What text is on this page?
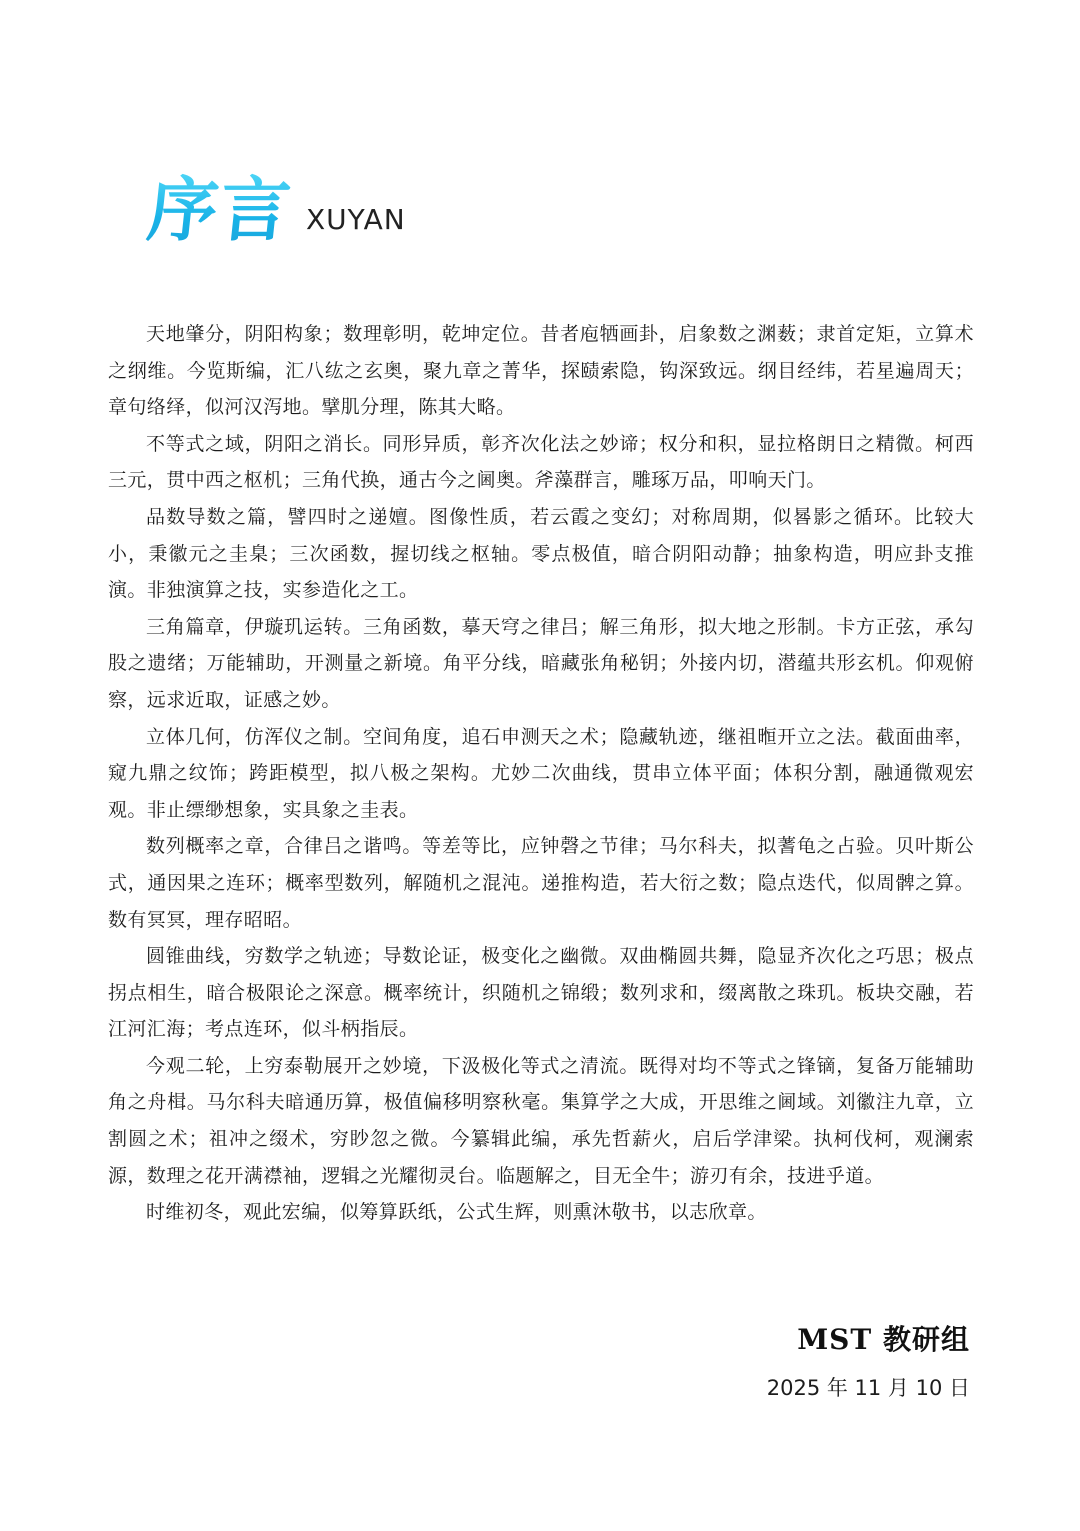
序言 XUYAN

天地肇分，阴阳构象；数理彰明，乾坤定位。昔者庖牺画卦，启象数之渊薮；隶首定矩，立算术之纲维。今览斯编，汇八纮之玄奥，聚九章之菁华，探赜索隐，钩深致远。纲目经纬，若星遍周天；章句络绎，似河汉泻地。擘肌分理，陈其大略。

不等式之域，阴阳之消长。同形异质，彰齐次化法之妙谛；权分和积，显拉格朗日之精微。柯西三元，贯中西之枢机；三角代换，通古今之阃奥。斧藻群言，雕琢万品，叩响天门。

品数导数之篇，譬四时之递嬗。图像性质，若云霞之变幻；对称周期，似晷影之循环。比较大小，秉徽元之圭臬；三次函数，握切线之枢轴。零点极值，暗合阴阳动静；抽象构造，明应卦支推演。非独演算之技，实参造化之工。

三角篇章，伊璇玑运转。三角函数，摹天穹之律吕；解三角形，拟大地之形制。卡方正弦，承勾股之遗绪；万能辅助，开测量之新境。角平分线，暗藏张角秘钥；外接内切，潜蕴共形玄机。仰观俯察，远求近取，证感之妙。

立体几何，仿浑仪之制。空间角度，追石申测天之术；隐藏轨迹，继祖暅开立之法。截面曲率，窥九鼎之纹饰；跨距模型，拟八极之架构。尤妙二次曲线，贯串立体平面；体积分割，融通微观宏观。非止缥缈想象，实具象之圭表。

数列概率之章，合律吕之谐鸣。等差等比，应钟磬之节律；马尔科夫，拟蓍龟之占验。贝叶斯公式，通因果之连环；概率型数列，解随机之混沌。递推构造，若大衍之数；隐点迭代，似周髀之算。数有冥冥，理存昭昭。

圆锥曲线，穷数学之轨迹；导数论证，极变化之幽微。双曲椭圆共舞，隐显齐次化之巧思；极点拐点相生，暗合极限论之深意。概率统计，织随机之锦缎；数列求和，缀离散之珠玑。板块交融，若江河汇海；考点连环，似斗柄指辰。

今观二轮，上穷泰勒展开之妙境，下汲极化等式之清流。既得对均不等式之锋镝，复备万能辅助角之舟楫。马尔科夫暗通历算，极值偏移明察秋毫。集算学之大成，开思维之阃域。刘徽注九章，立割圆之术；祖冲之缀术，穷眇忽之微。今纂辑此编，承先哲薪火，启后学津梁。执柯伐柯，观澜索源，数理之花开满襟袖，逻辑之光耀彻灵台。临题解之，目无全牛；游刃有余，技进乎道。

时维初冬，观此宏编，似筹算跃纸，公式生辉，则熏沐敬书，以志欣章。

MST 教研组
2025 年 11 月 10 日
